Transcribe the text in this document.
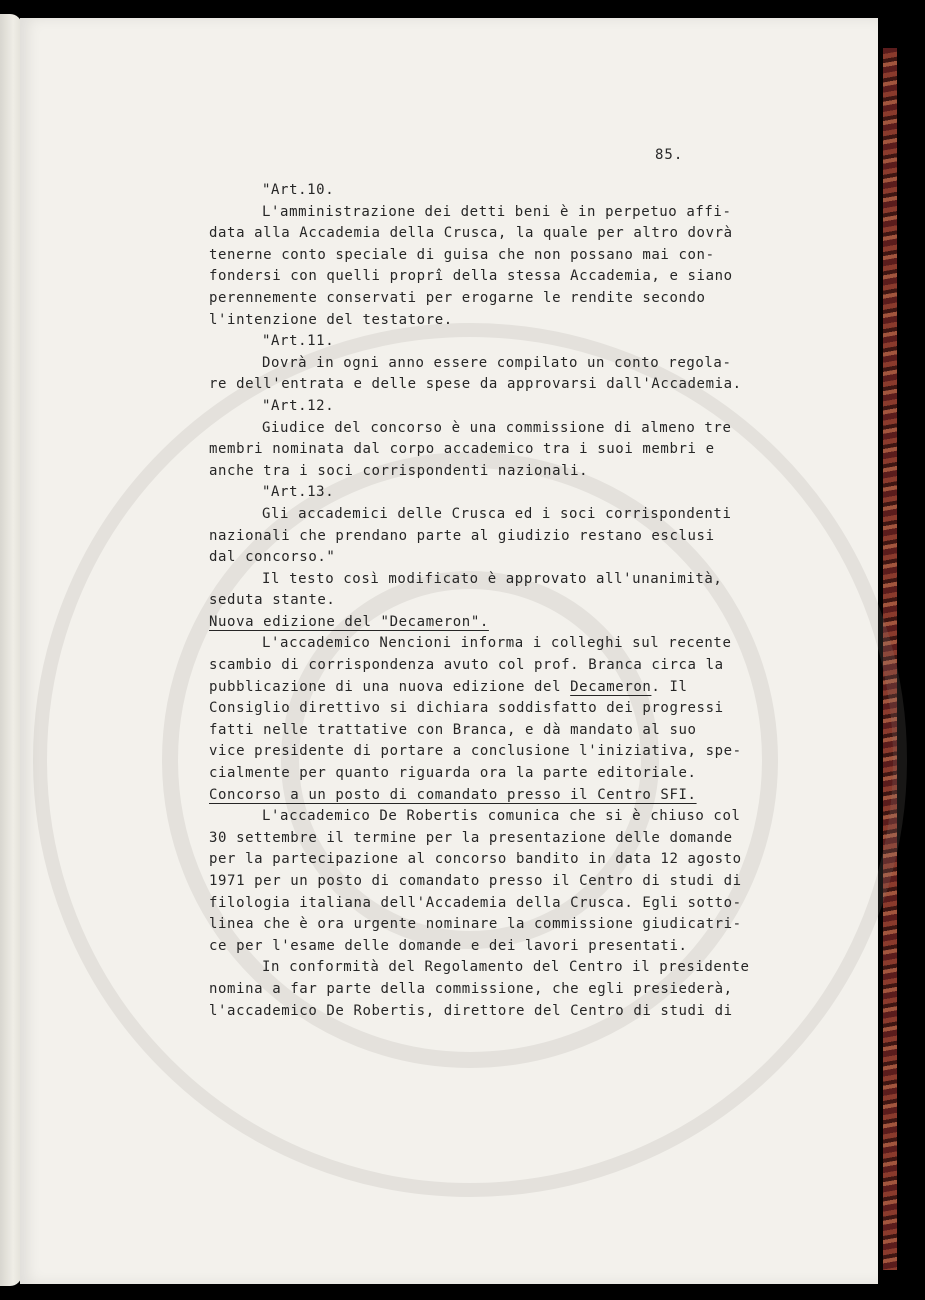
85.
"Art.10.
L'amministrazione dei detti beni è in perpetuo affi-
data alla Accademia della Crusca, la quale per altro dovrà
tenerne conto speciale di guisa che non possano mai con-
fondersi con quelli proprî della stessa Accademia, e siano
perennemente conservati per erogarne le rendite secondo
l'intenzione del testatore.
"Art.11.
Dovrà in ogni anno essere compilato un conto regola-
re dell'entrata e delle spese da approvarsi dall'Accademia.
"Art.12.
Giudice del concorso è una commissione di almeno tre
membri nominata dal corpo accademico tra i suoi membri e
anche tra i soci corrispondenti nazionali.
"Art.13.
Gli accademici delle Crusca ed i soci corrispondenti
nazionali che prendano parte al giudizio restano esclusi
dal concorso."
Il testo così modificato è approvato all'unanimità,
seduta stante.
Nuova edizione del "Decameron".
L'accademico Nencioni informa i colleghi sul recente
scambio di corrispondenza avuto col prof. Branca circa la
pubblicazione di una nuova edizione del Decameron. Il
Consiglio direttivo si dichiara soddisfatto dei progressi
fatti nelle trattative con Branca, e dà mandato al suo
vice presidente di portare a conclusione l'iniziativa, spe-
cialmente per quanto riguarda ora la parte editoriale.
Concorso a un posto di comandato presso il Centro SFI.
L'accademico De Robertis comunica che si è chiuso col
30 settembre il termine per la presentazione delle domande
per la partecipazione al concorso bandito in data 12 agosto
1971 per un posto di comandato presso il Centro di studi di
filologia italiana dell'Accademia della Crusca. Egli sotto-
linea che è ora urgente nominare la commissione giudicatri-
ce per l'esame delle domande e dei lavori presentati.
In conformità del Regolamento del Centro il presidente
nomina a far parte della commissione, che egli presiederà,
l'accademico De Robertis, direttore del Centro di studi di
